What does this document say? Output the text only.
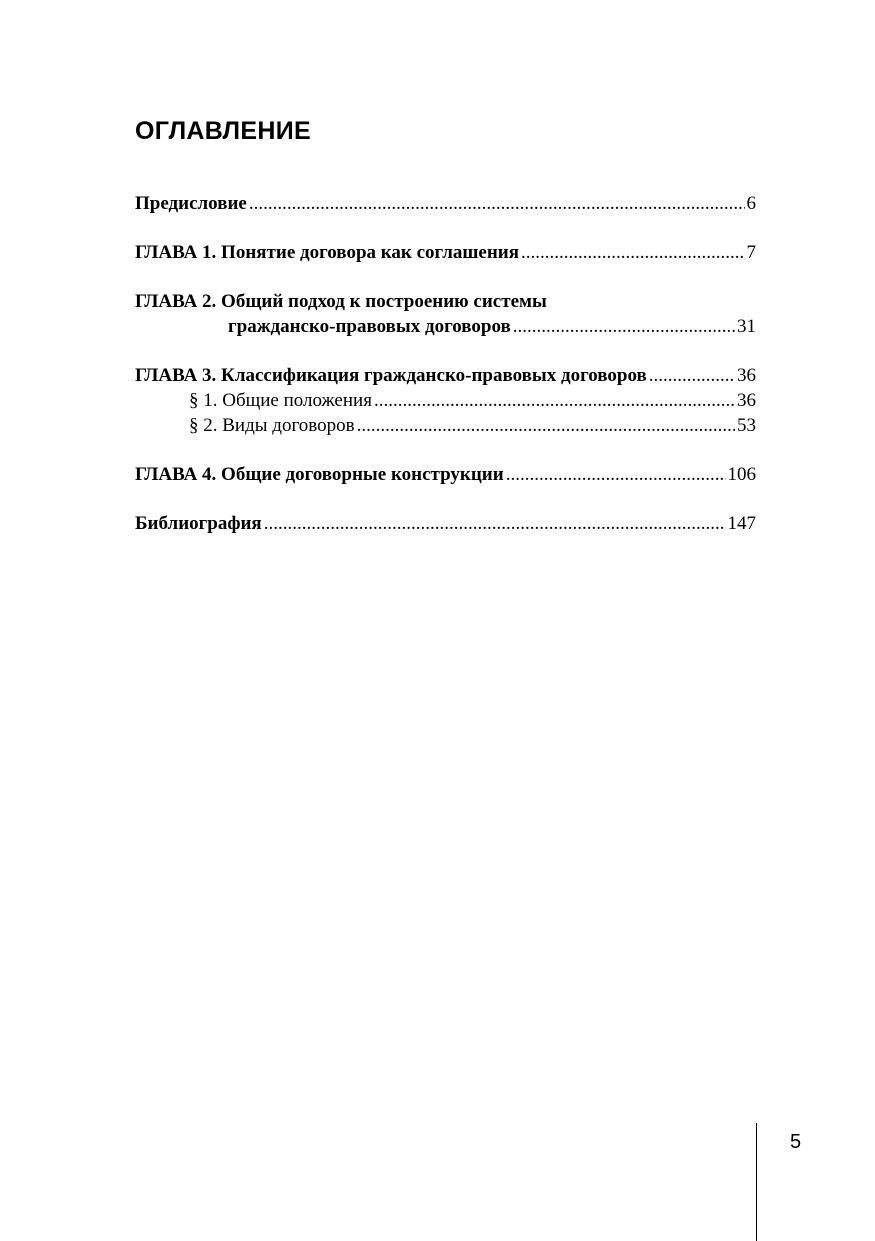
ОГЛАВЛЕНИЕ
Предисловие .....	6
ГЛАВА 1. Понятие договора как соглашения .....	7
ГЛАВА 2. Общий подход к построению системы
гражданско-правовых договоров .....	31
ГЛАВА 3. Классификация гражданско-правовых договоров .....	36
§ 1. Общие положения .....	36
§ 2. Виды договоров .....	53
ГЛАВА 4. Общие договорные конструкции .....	106
Библиография .....	147
5
